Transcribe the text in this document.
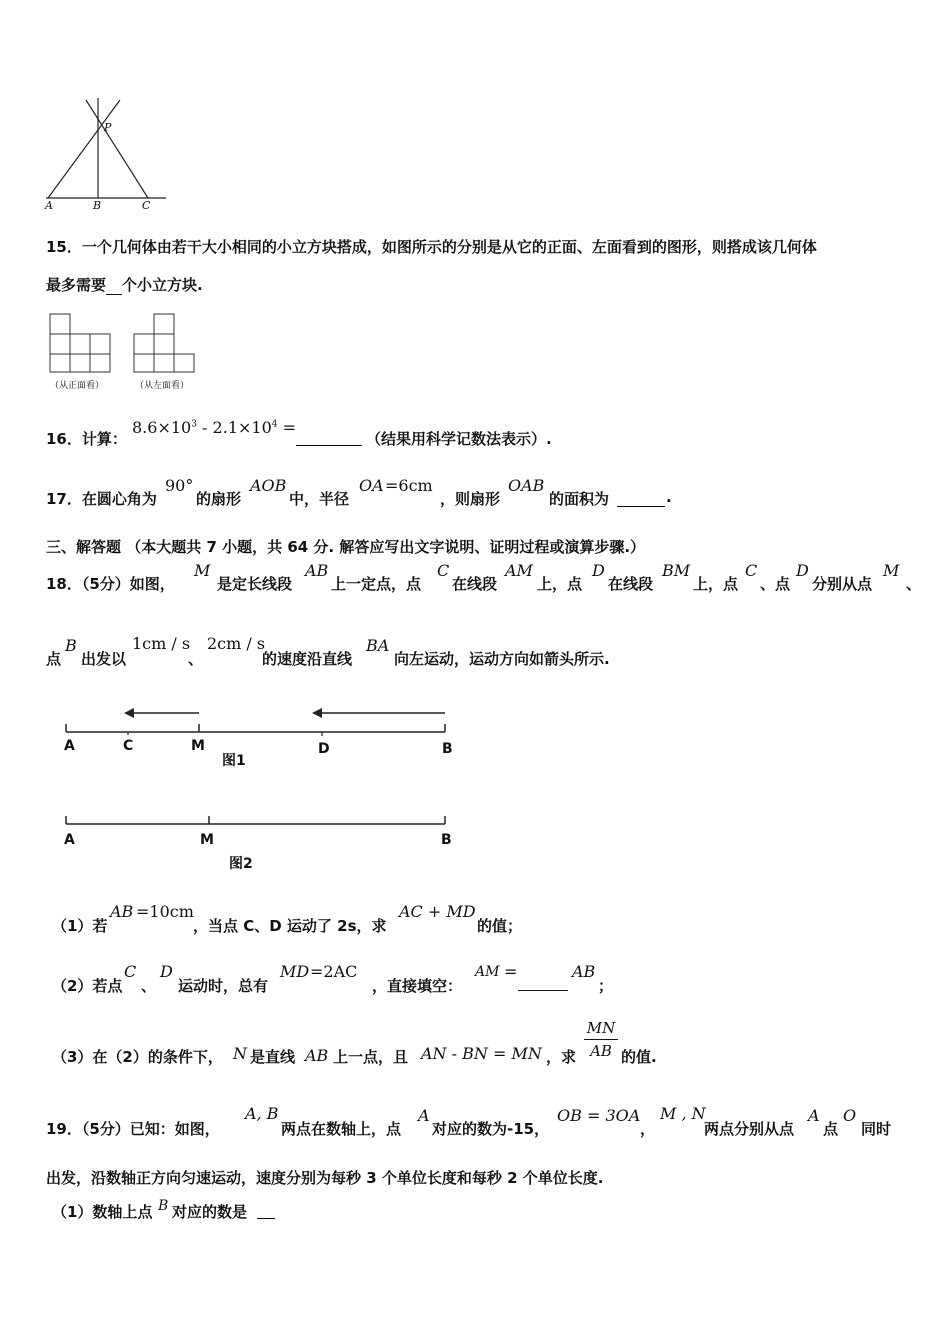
P
A	B	C
15．一个几何体由若干大小相同的小立方块搭成，如图所示的分别是从它的正面、左面看到的图形，则搭成该几何体
最多需要 个小立方块.
（从正面看）	（从左面看）
16．计算：
$8.6\times 10^3 - 2.1\times 10^4$ =
（结果用科学记数法表示）.
17．在圆心角为
90°
的扇形
AOB
中，半径
OA =6cm
，则扇形
OAB
的面积为	.
三、解答题 （本大题共 7 小题，共 64 分. 解答应写出文字说明、证明过程或演算步骤.）
18．（5分）如图，
M
是定长线段
AB
上一定点，点
C
在线段
AM
上，点
D
在线段
BM
上，点
C
、点
D
分别从点
M
、
点
B
出发以
1cm / s
、
2cm / s
的速度沿直线
BA
向左运动，运动方向如箭头所示.
A	C	M	D	B
图1
A	M	B
图2
（1）若
AB =10cm
，当点 C、D 运动了 2s，求
AC + MD
的值；
（2）若点
C
、
D
运动时，总有
MD =2AC
，直接填空：
AM =	AB
；
（3）在（2）的条件下， N 是直线 AB 上一点，且 AN - BN = MN ，求
MN
AB 的值.
19．（5分）已知：如图，
A, B
两点在数轴上，点
A
对应的数为-15，
OB = 3OA
，
M , N
两点分别从点
A
点
O
同时
出发，沿数轴正方向匀速运动，速度分别为每秒 3 个单位长度和每秒 2 个单位长度.
（1）数轴上点 B 对应的数是
